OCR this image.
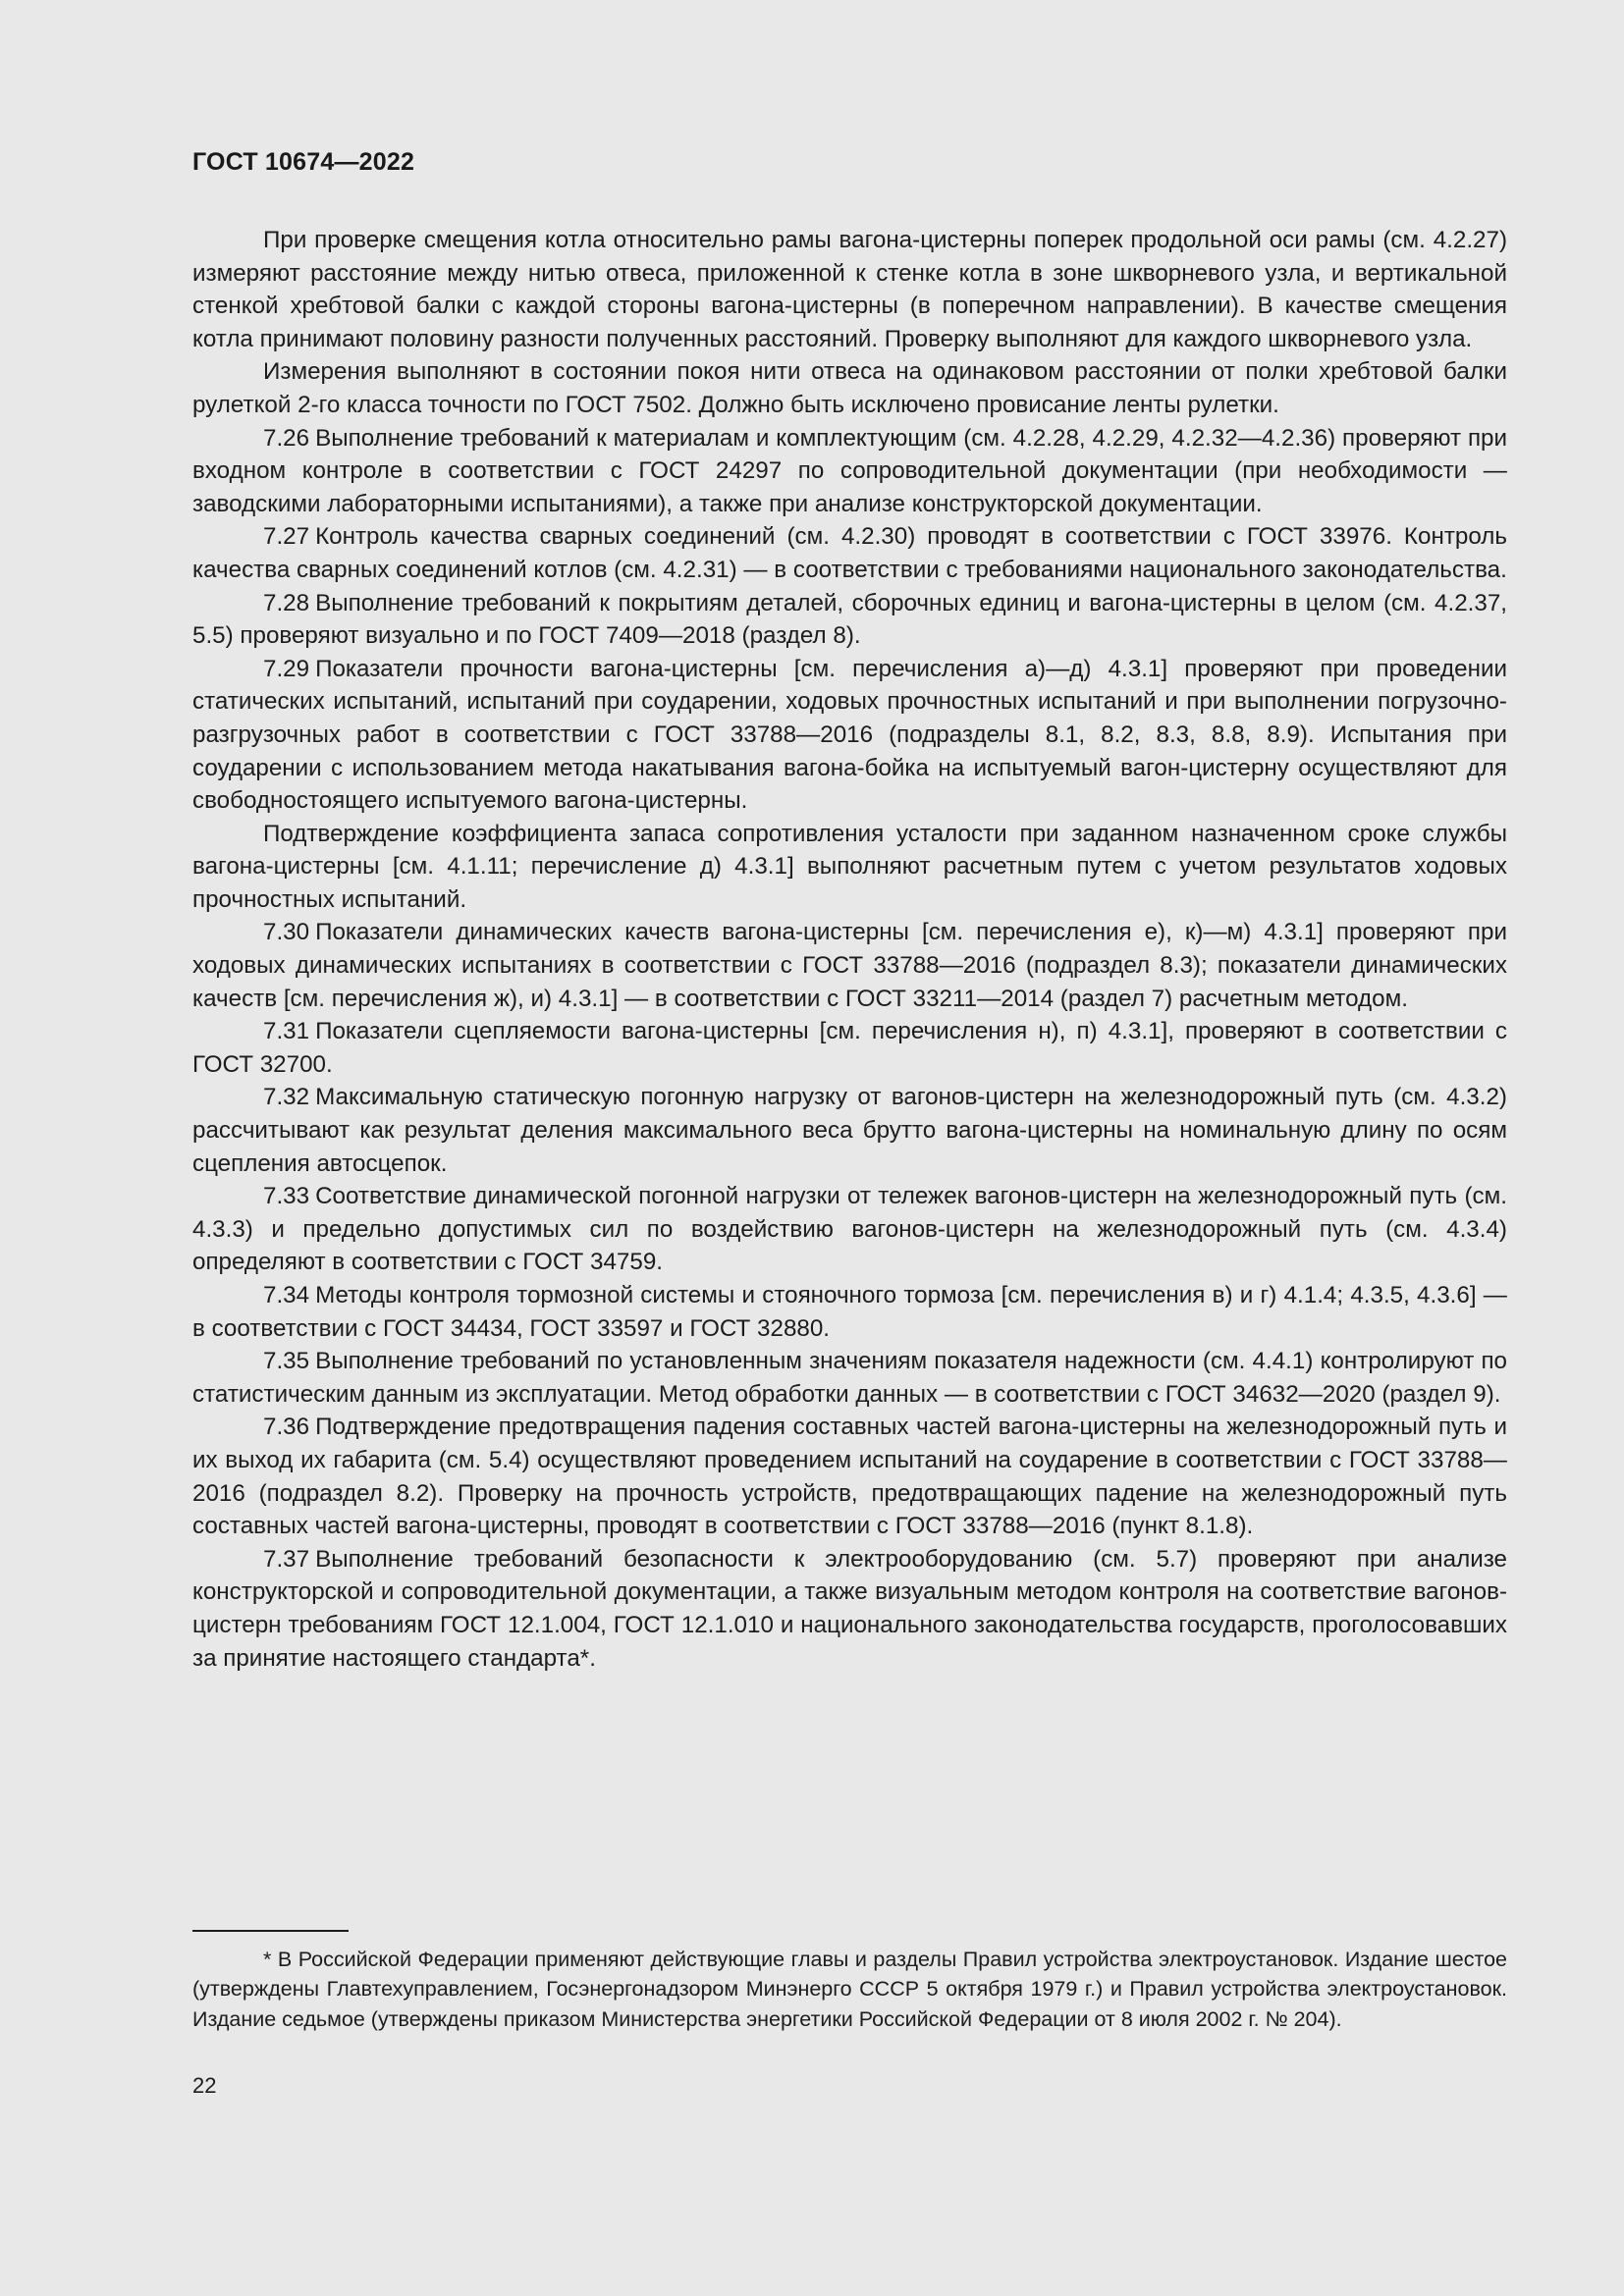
ГОСТ 10674—2022

При проверке смещения котла относительно рамы вагона-цистерны поперек продольной оси рамы (см. 4.2.27) измеряют расстояние между нитью отвеса, приложенной к стенке котла в зоне шкворневого узла, и вертикальной стенкой хребтовой балки с каждой стороны вагона-цистерны (в поперечном направлении). В качестве смещения котла принимают половину разности полученных расстояний. Проверку выполняют для каждого шкворневого узла.

Измерения выполняют в состоянии покоя нити отвеса на одинаковом расстоянии от полки хребтовой балки рулеткой 2-го класса точности по ГОСТ 7502. Должно быть исключено провисание ленты рулетки.

7.26 Выполнение требований к материалам и комплектующим (см. 4.2.28, 4.2.29, 4.2.32—4.2.36) проверяют при входном контроле в соответствии с ГОСТ 24297 по сопроводительной документации (при необходимости — заводскими лабораторными испытаниями), а также при анализе конструкторской документации.

7.27 Контроль качества сварных соединений (см. 4.2.30) проводят в соответствии с ГОСТ 33976. Контроль качества сварных соединений котлов (см. 4.2.31) — в соответствии с требованиями национального законодательства.

7.28 Выполнение требований к покрытиям деталей, сборочных единиц и вагона-цистерны в целом (см. 4.2.37, 5.5) проверяют визуально и по ГОСТ 7409—2018 (раздел 8).

7.29 Показатели прочности вагона-цистерны [см. перечисления а)—д) 4.3.1] проверяют при проведении статических испытаний, испытаний при соударении, ходовых прочностных испытаний и при выполнении погрузочно-разгрузочных работ в соответствии с ГОСТ 33788—2016 (подразделы 8.1, 8.2, 8.3, 8.8, 8.9). Испытания при соударении с использованием метода накатывания вагона-бойка на испытуемый вагон-цистерну осуществляют для свободностоящего испытуемого вагона-цистерны.

Подтверждение коэффициента запаса сопротивления усталости при заданном назначенном сроке службы вагона-цистерны [см. 4.1.11; перечисление д) 4.3.1] выполняют расчетным путем с учетом результатов ходовых прочностных испытаний.

7.30 Показатели динамических качеств вагона-цистерны [см. перечисления е), к)—м) 4.3.1] проверяют при ходовых динамических испытаниях в соответствии с ГОСТ 33788—2016 (подраздел 8.3); показатели динамических качеств [см. перечисления ж), и) 4.3.1] — в соответствии с ГОСТ 33211—2014 (раздел 7) расчетным методом.

7.31 Показатели сцепляемости вагона-цистерны [см. перечисления н), п) 4.3.1], проверяют в соответствии с ГОСТ 32700.

7.32 Максимальную статическую погонную нагрузку от вагонов-цистерн на железнодорожный путь (см. 4.3.2) рассчитывают как результат деления максимального веса брутто вагона-цистерны на номинальную длину по осям сцепления автосцепок.

7.33 Соответствие динамической погонной нагрузки от тележек вагонов-цистерн на железнодорожный путь (см. 4.3.3) и предельно допустимых сил по воздействию вагонов-цистерн на железнодорожный путь (см. 4.3.4) определяют в соответствии с ГОСТ 34759.

7.34 Методы контроля тормозной системы и стояночного тормоза [см. перечисления в) и г) 4.1.4; 4.3.5, 4.3.6] — в соответствии с ГОСТ 34434, ГОСТ 33597 и ГОСТ 32880.

7.35 Выполнение требований по установленным значениям показателя надежности (см. 4.4.1) контролируют по статистическим данным из эксплуатации. Метод обработки данных — в соответствии с ГОСТ 34632—2020 (раздел 9).

7.36 Подтверждение предотвращения падения составных частей вагона-цистерны на железнодорожный путь и их выход их габарита (см. 5.4) осуществляют проведением испытаний на соударение в соответствии с ГОСТ 33788—2016 (подраздел 8.2). Проверку на прочность устройств, предотвращающих падение на железнодорожный путь составных частей вагона-цистерны, проводят в соответствии с ГОСТ 33788—2016 (пункт 8.1.8).

7.37 Выполнение требований безопасности к электрооборудованию (см. 5.7) проверяют при анализе конструкторской и сопроводительной документации, а также визуальным методом контроля на соответствие вагонов-цистерн требованиям ГОСТ 12.1.004, ГОСТ 12.1.010 и национального законодательства государств, проголосовавших за принятие настоящего стандарта*.

* В Российской Федерации применяют действующие главы и разделы Правил устройства электроустановок. Издание шестое (утверждены Главтехуправлением, Госэнергонадзором Минэнерго СССР 5 октября 1979 г.) и Правил устройства электроустановок. Издание седьмое (утверждены приказом Министерства энергетики Российской Федерации от 8 июля 2002 г. № 204).

22
